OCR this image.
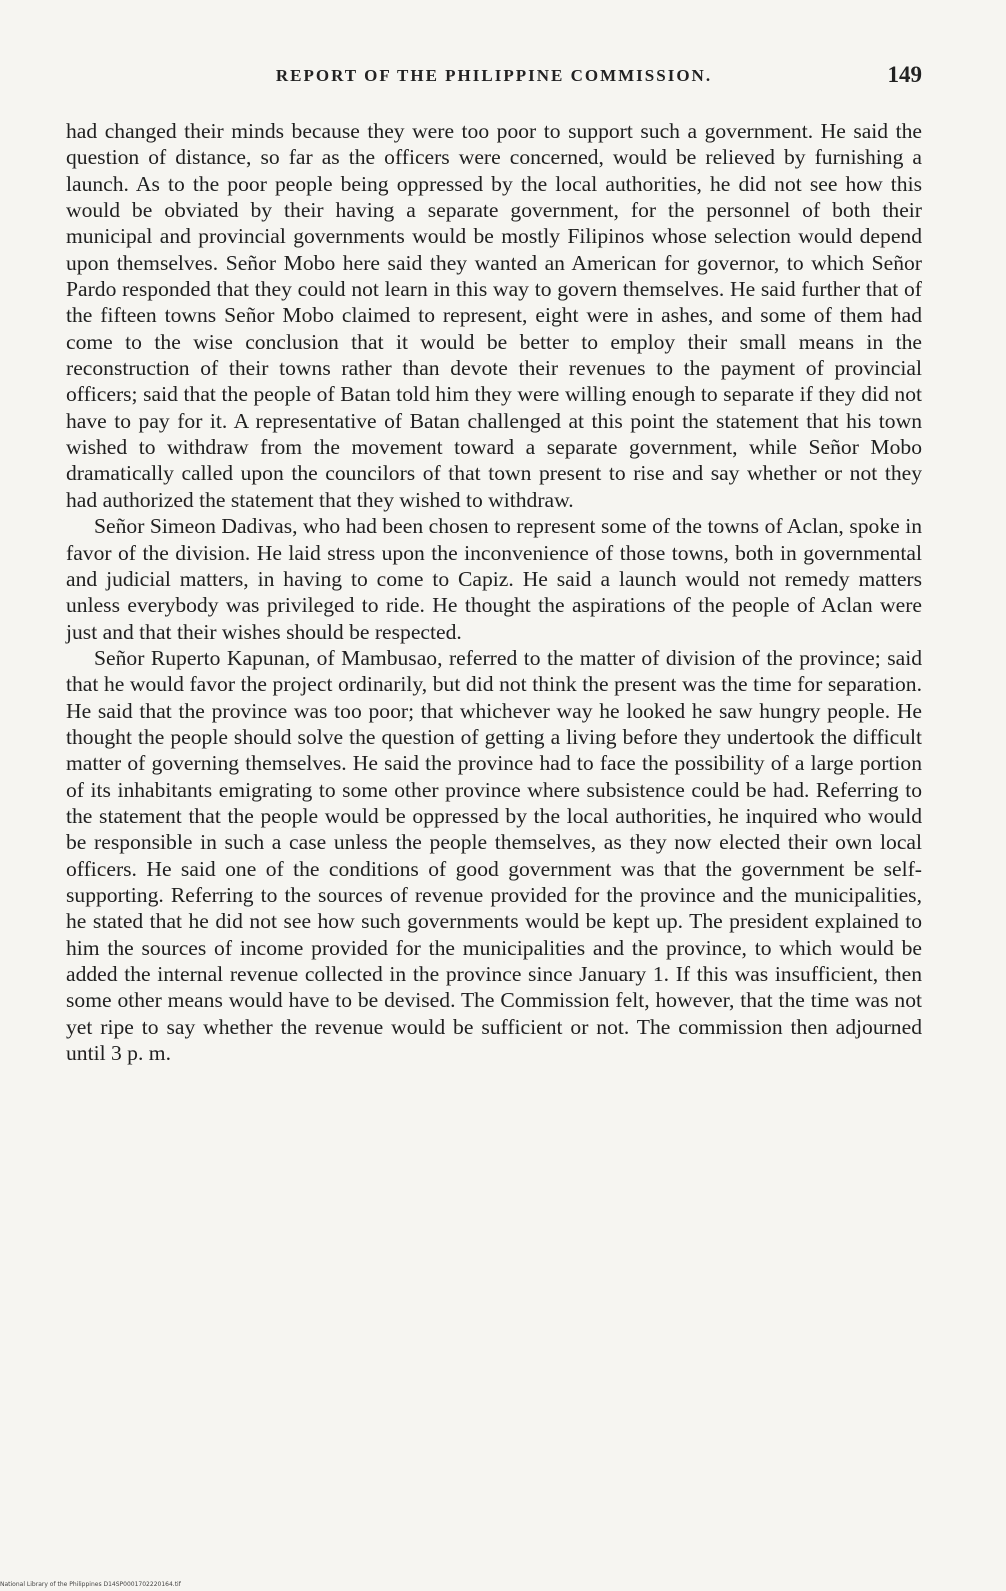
REPORT OF THE PHILIPPINE COMMISSION.	149

had changed their minds because they were too poor to support such a government. He said the question of distance, so far as the officers were concerned, would be relieved by furnishing a launch. As to the poor people being oppressed by the local authorities, he did not see how this would be obviated by their having a separate government, for the personnel of both their municipal and provincial governments would be mostly Filipinos whose selection would depend upon themselves. Señor Mobo here said they wanted an American for governor, to which Señor Pardo responded that they could not learn in this way to govern themselves. He said further that of the fifteen towns Señor Mobo claimed to represent, eight were in ashes, and some of them had come to the wise conclusion that it would be better to employ their small means in the reconstruction of their towns rather than devote their revenues to the payment of provincial officers; said that the people of Batan told him they were willing enough to separate if they did not have to pay for it. A representative of Batan challenged at this point the statement that his town wished to withdraw from the movement toward a separate government, while Señor Mobo dramatically called upon the councilors of that town present to rise and say whether or not they had authorized the statement that they wished to withdraw.

Señor Simeon Dadivas, who had been chosen to represent some of the towns of Aclan, spoke in favor of the division. He laid stress upon the inconvenience of those towns, both in governmental and judicial matters, in having to come to Capiz. He said a launch would not remedy matters unless everybody was privileged to ride. He thought the aspirations of the people of Aclan were just and that their wishes should be respected.

Señor Ruperto Kapunan, of Mambusao, referred to the matter of division of the province; said that he would favor the project ordinarily, but did not think the present was the time for separation. He said that the province was too poor; that whichever way he looked he saw hungry people. He thought the people should solve the question of getting a living before they undertook the difficult matter of governing themselves. He said the province had to face the possibility of a large portion of its inhabitants emigrating to some other province where subsistence could be had. Referring to the statement that the people would be oppressed by the local authorities, he inquired who would be responsible in such a case unless the people themselves, as they now elected their own local officers. He said one of the conditions of good government was that the government be self-supporting. Referring to the sources of revenue provided for the province and the municipalities, he stated that he did not see how such governments would be kept up. The president explained to him the sources of income provided for the municipalities and the province, to which would be added the internal revenue collected in the province since January 1. If this was insufficient, then some other means would have to be devised. The Commission felt, however, that the time was not yet ripe to say whether the revenue would be sufficient or not. The commission then adjourned until 3 p. m.

National Library of the Philippines D14SP0001702220164.tif
